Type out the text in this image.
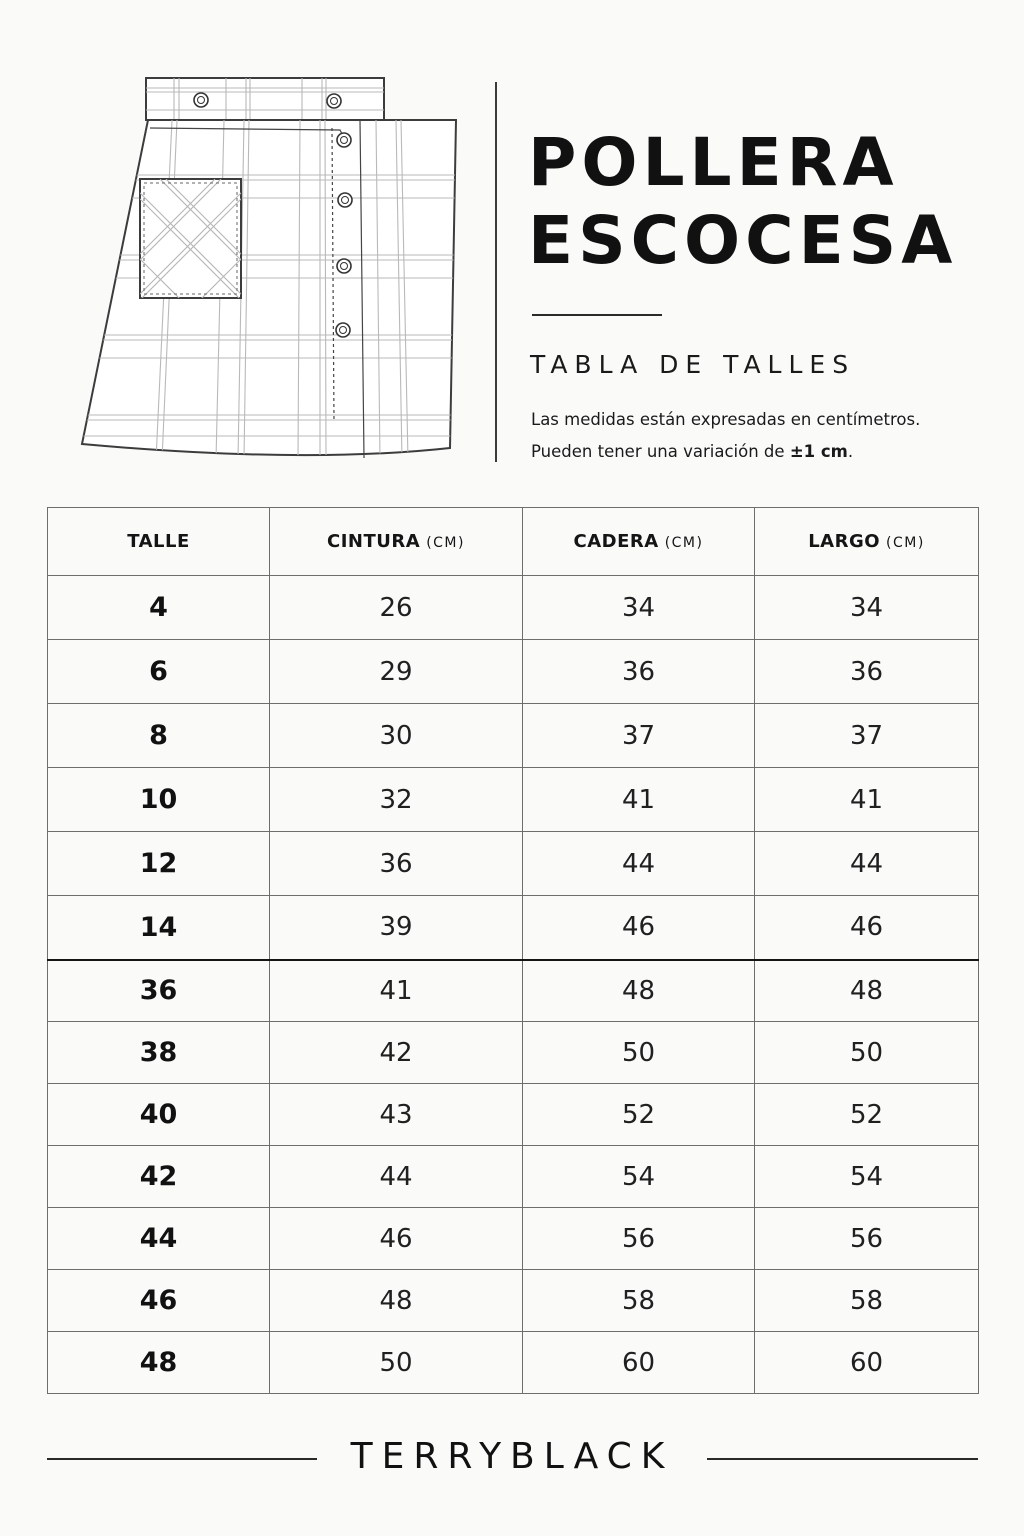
POLLERA
ESCOCESA
TABLA DE TALLES
Las medidas están expresadas en centímetros.
Pueden tener una variación de ±1 cm.
TALLE	CINTURA (CM)	CADERA (CM)	LARGO (CM)
4	26	34	34
6	29	36	36
8	30	37	37
10	32	41	41
12	36	44	44
14	39	46	46
36	41	48	48
38	42	50	50
40	43	52	52
42	44	54	54
44	46	56	56
46	48	58	58
48	50	60	60
TERRYBLACK
